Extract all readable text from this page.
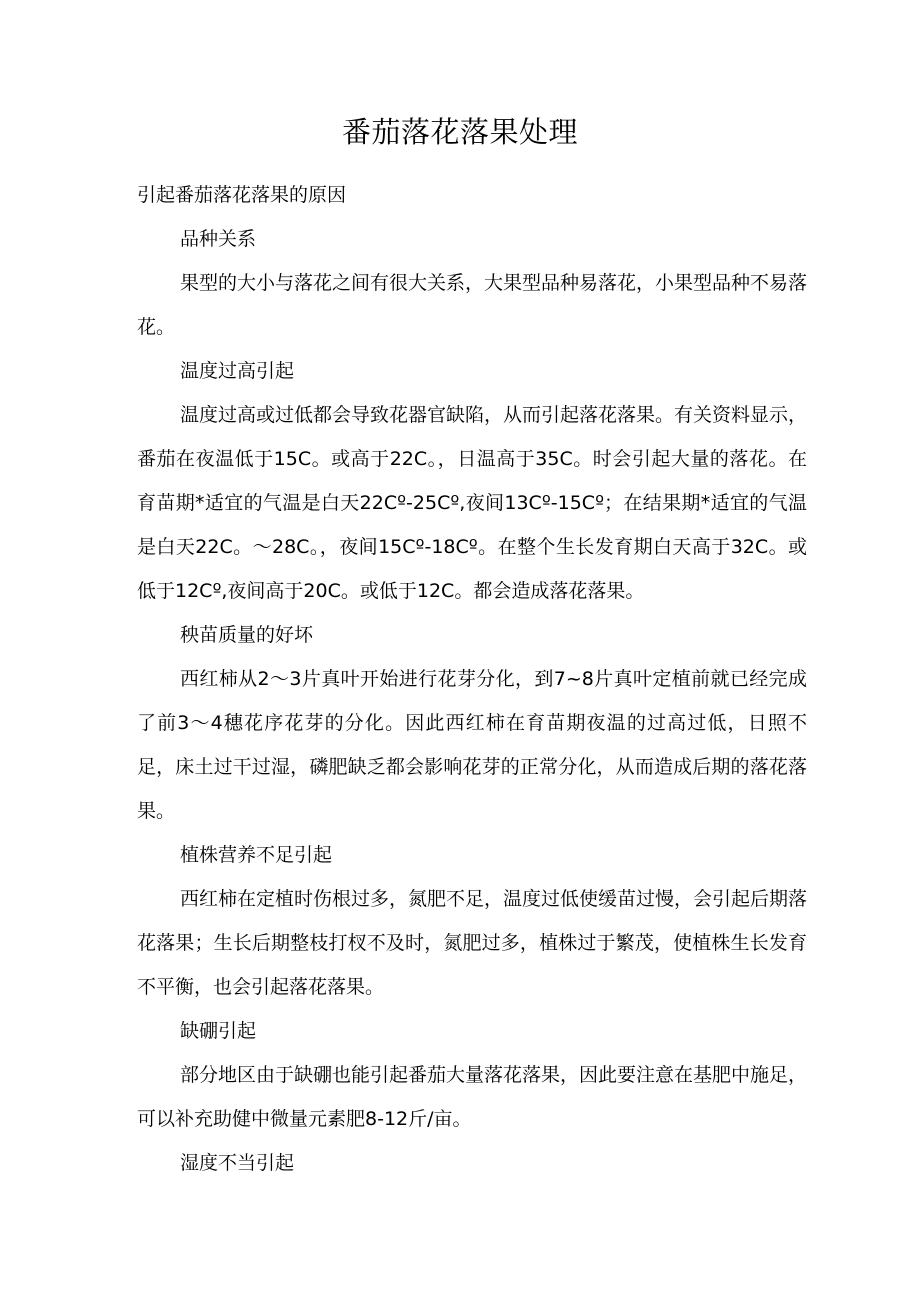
番茄落花落果处理

引起番茄落花落果的原因

品种关系

果型的大小与落花之间有很大关系，大果型品种易落花，小果型品种不易落花。

温度过高引起

温度过高或过低都会导致花器官缺陷，从而引起落花落果。有关资料显示，番茄在夜温低于15C。或高于22C。，日温高于35C。时会引起大量的落花。在育苗期*适宜的气温是白天22Cº-25Cº,夜间13Cº-15Cº；在结果期*适宜的气温是白天22C。〜28C。，夜间15Cº-18Cº。在整个生长发育期白天高于32C。或低于12Cº,夜间高于20C。或低于12C。都会造成落花落果。

秧苗质量的好坏

西红柿从2～3片真叶开始进行花芽分化，到7~8片真叶定植前就已经完成了前3～4穗花序花芽的分化。因此西红柿在育苗期夜温的过高过低，日照不足，床土过干过湿，磷肥缺乏都会影响花芽的正常分化，从而造成后期的落花落果。

植株营养不足引起

西红柿在定植时伤根过多，氮肥不足，温度过低使缓苗过慢，会引起后期落花落果；生长后期整枝打杈不及时，氮肥过多，植株过于繁茂，使植株生长发育不平衡，也会引起落花落果。

缺硼引起

部分地区由于缺硼也能引起番茄大量落花落果，因此要注意在基肥中施足，可以补充助健中微量元素肥8-12斤/亩。

湿度不当引起
